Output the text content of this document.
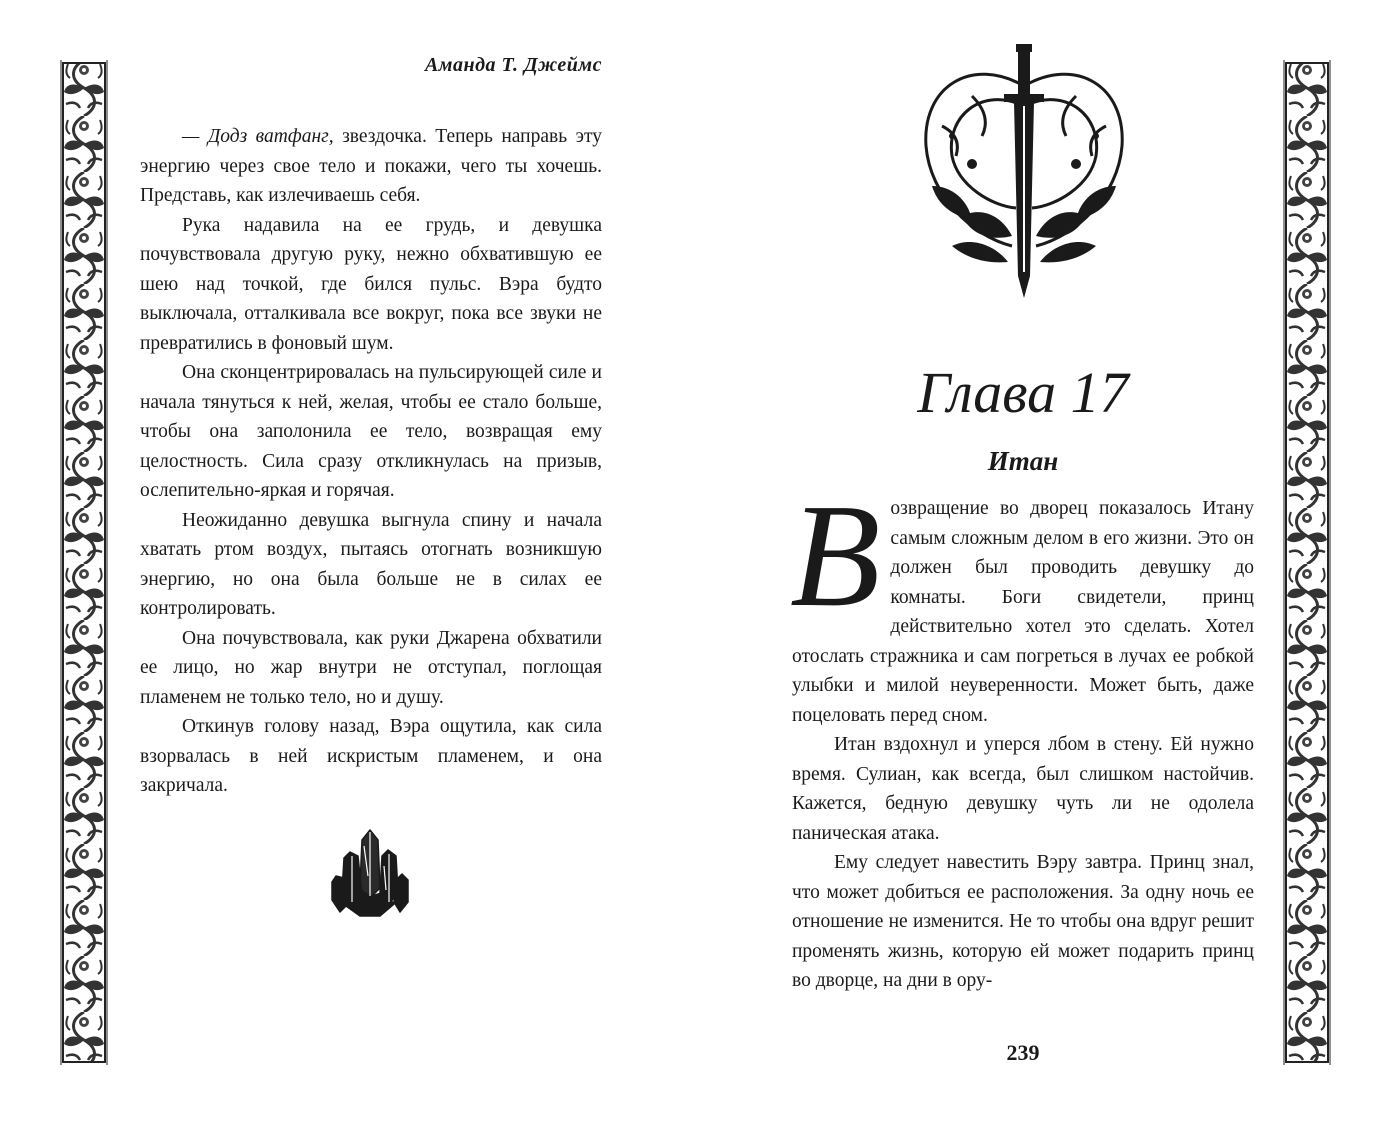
Аманда Т. Джеймс

— Додз ватфанг, звездочка. Теперь направь эту энергию через свое тело и покажи, чего ты хочешь. Представь, как излечиваешь себя.

Рука надавила на ее грудь, и девушка почувствовала другую руку, нежно обхватившую ее шею над точкой, где бился пульс. Вэра будто выключала, отталкивала все вокруг, пока все звуки не превратились в фоновый шум.

Она сконцентрировалась на пульсирующей силе и начала тянуться к ней, желая, чтобы ее стало больше, чтобы она заполонила ее тело, возвращая ему целостность. Сила сразу откликнулась на призыв, ослепительно-яркая и горячая.

Неожиданно девушка выгнула спину и начала хватать ртом воздух, пытаясь отогнать возникшую энергию, но она была больше не в силах ее контролировать.

Она почувствовала, как руки Джарена обхватили ее лицо, но жар внутри не отступал, поглощая пламенем не только тело, но и душу.

Откинув голову назад, Вэра ощутила, как сила взорвалась в ней искристым пламенем, и она закричала.

Глава 17
Итан

Возвращение во дворец показалось Итану самым сложным делом в его жизни. Это он должен был проводить девушку до комнаты. Боги свидетели, принц действительно хотел это сделать. Хотел отослать стражника и сам погреться в лучах ее робкой улыбки и милой неуверенности. Может быть, даже поцеловать перед сном.

Итан вздохнул и уперся лбом в стену. Ей нужно время. Сулиан, как всегда, был слишком настойчив. Кажется, бедную девушку чуть ли не одолела паническая атака.

Ему следует навестить Вэру завтра. Принц знал, что может добиться ее расположения. За одну ночь ее отношение не изменится. Не то чтобы она вдруг решит променять жизнь, которую ей может подарить принц во дворце, на дни в ору-

239
